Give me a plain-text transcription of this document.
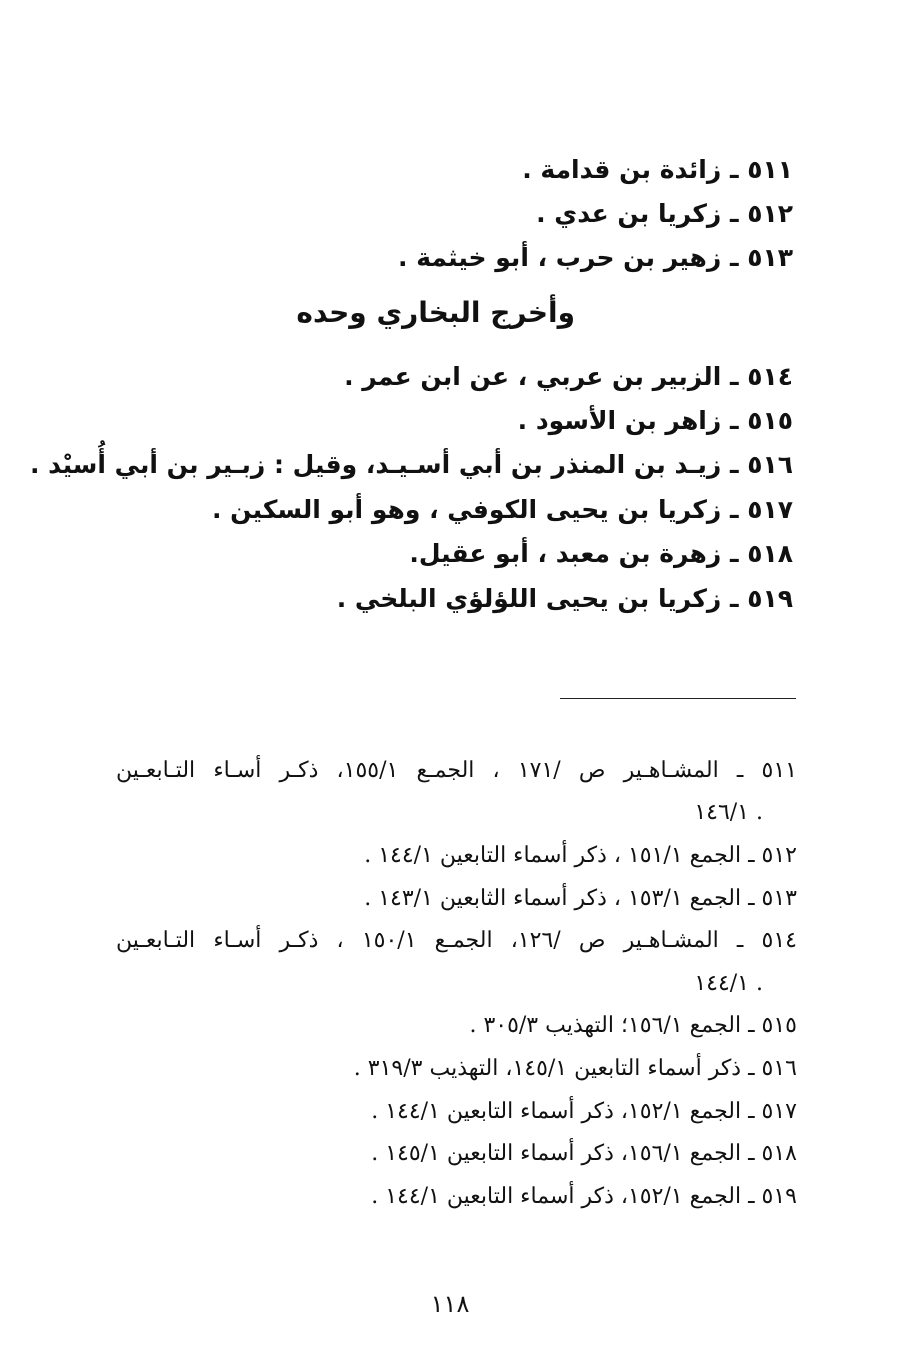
٥١١ ـ زائدة بن قدامة .
٥١٢ ـ زكريا بن عدي .
٥١٣ ـ زهير بن حرب ، أبو خيثمة .
وأخرج البخاري وحده
٥١٤ ـ الزبير بن عربي ، عن ابن عمر .
٥١٥ ـ زاهر بن الأسود .
٥١٦ ـ زيـد بن المنذر بن أبي أسـيـد، وقيل : زبـير بن أبي أُسيْد .
٥١٧ ـ زكريا بن يحيى الكوفي ، وهو أبو السكين .
٥١٨ ـ زهرة بن معبد ، أبو عقيل.
٥١٩ ـ زكريا بن يحيى اللؤلؤي البلخي .
٥١١ ـ المشـاهـير ص /١٧١ ، الجمـع ١٥٥/١، ذكـر أسـاء التـابعـين
١٤٦/١ .
٥١٢ ـ الجمع ١٥١/١ ، ذكر أسماء التابعين ١٤٤/١ .
٥١٣ ـ الجمع ١٥٣/١ ، ذكر أسماء الثابعين ١٤٣/١ .
٥١٤ ـ المشـاهـير ص /١٢٦، الجمـع ١٥٠/١ ، ذكـر أسـاء التـابعـين
١٤٤/١ .
٥١٥ ـ الجمع ١٥٦/١؛ التهذيب ٣٠٥/٣ .
٥١٦ ـ ذكر أسماء التابعين ١٤٥/١، التهذيب ٣١٩/٣ .
٥١٧ ـ الجمع ١٥٢/١، ذكر أسماء التابعين ١٤٤/١ .
٥١٨ ـ الجمع ١٥٦/١، ذكر أسماء التابعين ١٤٥/١ .
٥١٩ ـ الجمع ١٥٢/١، ذكر أسماء التابعين ١٤٤/١ .
١١٨
